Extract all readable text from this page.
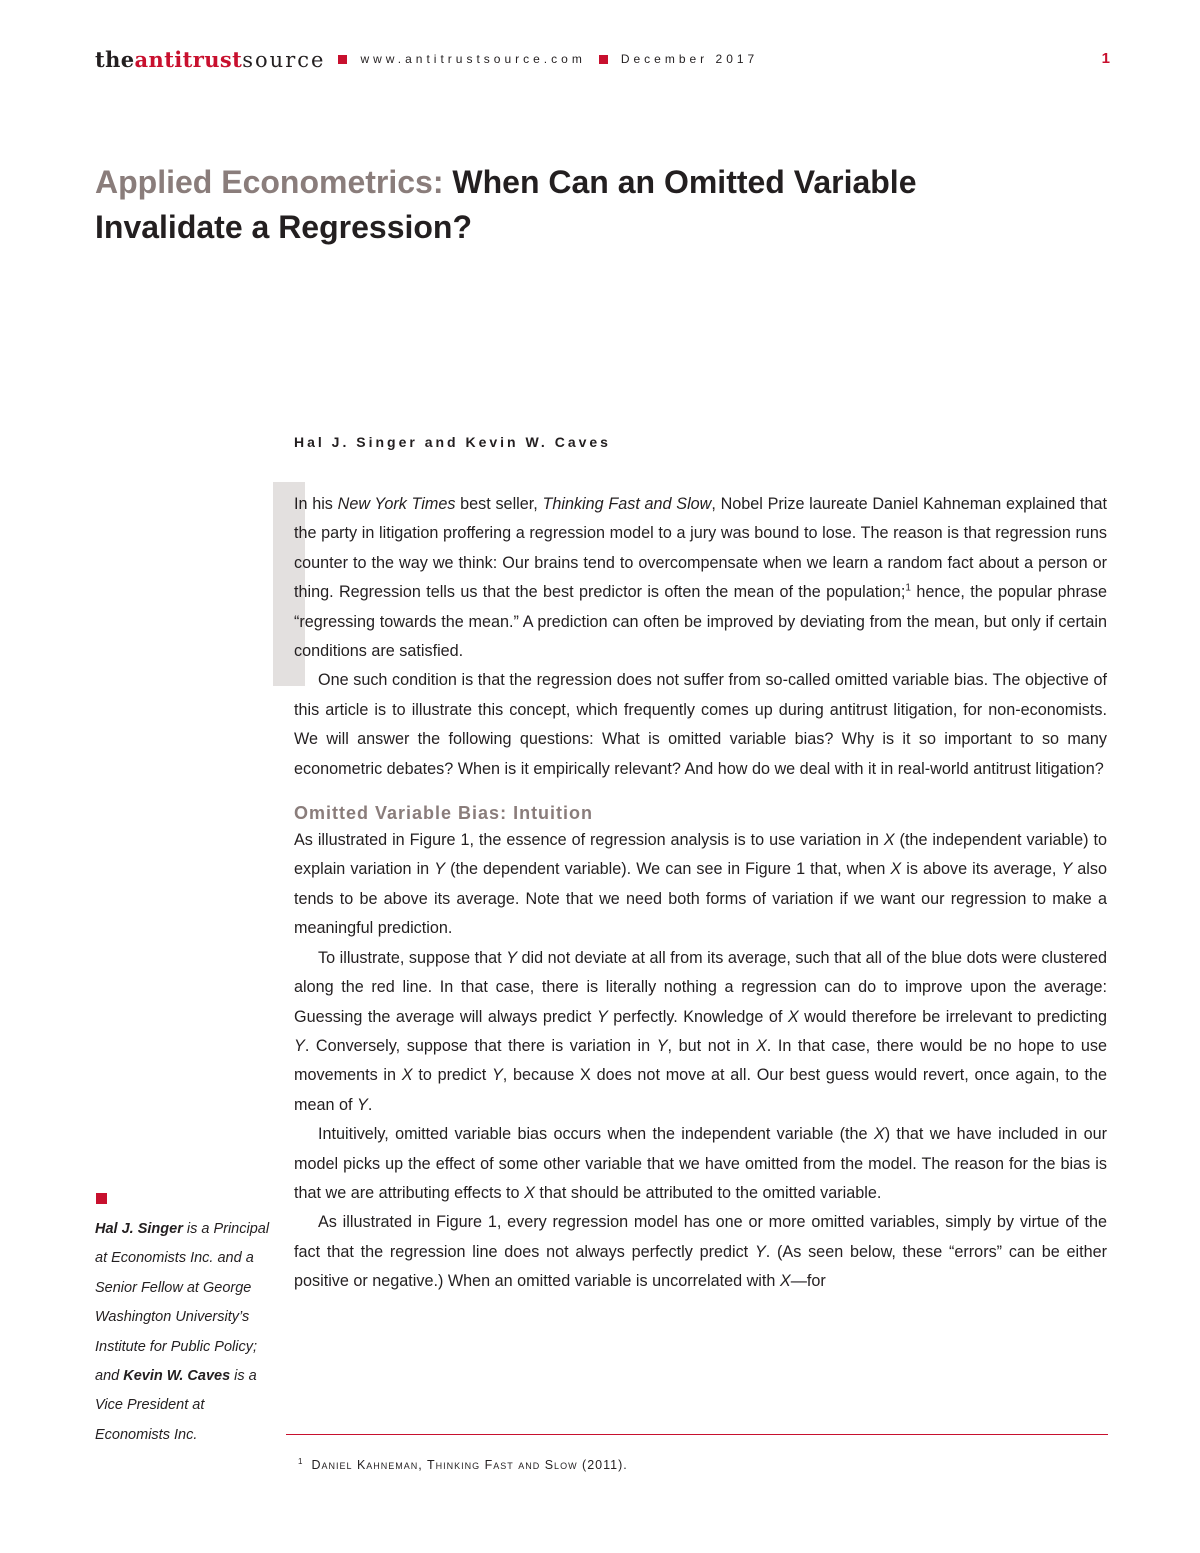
theantitrustsource	www.antitrustsource.com	December 2017	1
Applied Econometrics: When Can an Omitted Variable
Invalidate a Regression?
Hal J. Singer and Kevin W. Caves

In his New York Times best seller, Thinking Fast and Slow, Nobel Prize laureate Daniel Kahneman explained that the party in litigation proffering a regression model to a jury was bound to lose. The reason is that regression runs counter to the way we think: Our brains tend to overcompensate when we learn a random fact about a person or thing. Regression tells us that the best predictor is often the mean of the population;$^1$ hence, the popular phrase “regressing towards the mean.” A prediction can often be improved by deviating from the mean, but only if certain conditions are satisfied.

One such condition is that the regression does not suffer from so-called omitted variable bias. The objective of this article is to illustrate this concept, which frequently comes up during antitrust litigation, for non-economists. We will answer the following questions: What is omitted variable bias? Why is it so important to so many econometric debates? When is it empirically relevant? And how do we deal with it in real-world antitrust litigation?

Omitted Variable Bias: Intuition

As illustrated in Figure 1, the essence of regression analysis is to use variation in X (the independent variable) to explain variation in Y (the dependent variable). We can see in Figure 1 that, when X is above its average, Y also tends to be above its average. Note that we need both forms of variation if we want our regression to make a meaningful prediction.

To illustrate, suppose that Y did not deviate at all from its average, such that all of the blue dots were clustered along the red line. In that case, there is literally nothing a regression can do to improve upon the average: Guessing the average will always predict Y perfectly. Knowledge of X would therefore be irrelevant to predicting Y. Conversely, suppose that there is variation in Y, but not in X. In that case, there would be no hope to use movements in X to predict Y, because X does not move at all. Our best guess would revert, once again, to the mean of Y.

Intuitively, omitted variable bias occurs when the independent variable (the X) that we have included in our model picks up the effect of some other variable that we have omitted from the model. The reason for the bias is that we are attributing effects to X that should be attributed to the omitted variable.

As illustrated in Figure 1, every regression model has one or more omitted variables, simply by virtue of the fact that the regression line does not always perfectly predict Y. (As seen below, these “errors” can be either positive or negative.) When an omitted variable is uncorrelated with X—for

Hal J. Singer is a Principal at Economists Inc. and a Senior Fellow at George Washington University’s Institute for Public Policy; and Kevin W. Caves is a Vice President at Economists Inc.
$^1$ Daniel Kahneman, Thinking Fast and Slow (2011).
